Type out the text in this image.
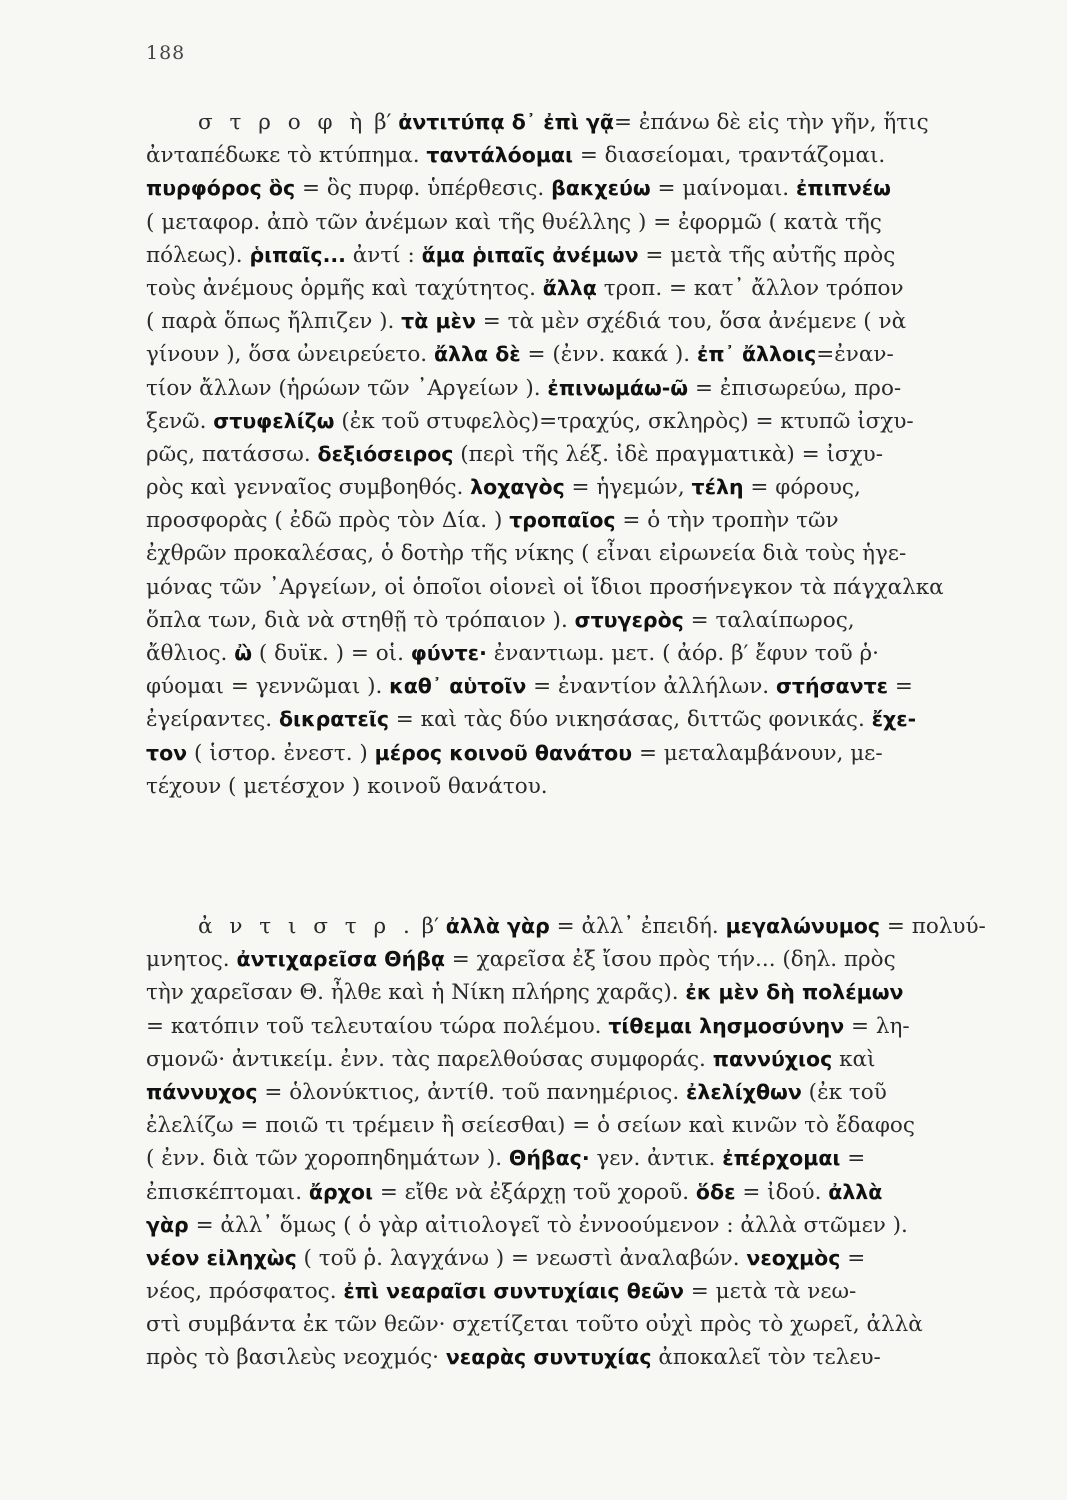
188
σ τ ρ ο φ ὴ β′ ἀντιτύπᾳ δ᾽ ἐπὶ γᾷ= ἐπάνω δὲ εἰς τὴν γῆν, ἥτις
ἀνταπέδωκε τὸ κτύπημα. ταντάλόομαι = διασείομαι, τραντάζομαι.
πυρφόρος ὃς = ὃς πυρφ. ὑπέρθεσις. βακχεύω = μαίνομαι. ἐπιπνέω
( μεταφορ. ἀπὸ τῶν ἀνέμων καὶ τῆς θυέλλης ) = ἐφορμῶ ( κατὰ τῆς
πόλεως). ῥιπαῖς... ἀντί : ἅμα ῥιπαῖς ἀνέμων = μετὰ τῆς αὐτῆς πρὸς
τοὺς ἀνέμους ὁρμῆς καὶ ταχύτητος. ἄλλᾳ τροπ. = κατ᾽ ἄλλον τρόπον
( παρὰ ὅπως ἤλπιζεν ). τὰ μὲν = τὰ μὲν σχέδιά του, ὅσα ἀνέμενε ( νὰ
γίνουν ), ὅσα ὠνειρεύετο. ἄλλα δὲ = (ἐνν. κακά ). ἐπ᾽ ἄλλοις=ἐναν-
τίον ἄλλων (ἡρώων τῶν ᾽Αργείων ). ἐπινωμάω-ῶ = ἐπισωρεύω, προ-
ξενῶ. στυφελίζω (ἐκ τοῦ στυφελὸς)=τραχύς, σκληρὸς) = κτυπῶ ἰσχυ-
ρῶς, πατάσσω. δεξιόσειρος (περὶ τῆς λέξ. ἰδὲ πραγματικὰ) = ἰσχυ-
ρὸς καὶ γενναῖος συμβοηθός. λοχαγὸς = ἡγεμών, τέλη = φόρους,
προσφορὰς ( ἐδῶ πρὸς τὸν Δία. ) τροπαῖος = ὁ τὴν τροπὴν τῶν
ἐχθρῶν προκαλέσας, ὁ δοτὴρ τῆς νίκης ( εἶναι εἰρωνεία διὰ τοὺς ἡγε-
μόνας τῶν ᾽Αργείων, οἱ ὁποῖοι οἱονεὶ οἱ ἴδιοι προσήνεγκον τὰ πάγχαλκα
ὅπλα των, διὰ νὰ στηθῇ τὸ τρόπαιον ). στυγερὸς = ταλαίπωρος,
ἄθλιος. ὢ ( δυϊκ. ) = οἱ. φύντε· ἐναντιωμ. μετ. ( ἀόρ. β′ ἔφυν τοῦ ῥ·
φύομαι = γεννῶμαι ). καθ᾽ αὑτοῖν = ἐναντίον ἀλλήλων. στήσαντε =
ἐγείραντες. δικρατεῖς = καὶ τὰς δύο νικησάσας, διττῶς φονικάς. ἔχε-
τον ( ἱστορ. ἐνεστ. ) μέρος κοινοῦ θανάτου = μεταλαμβάνουν, με-
τέχουν ( μετέσχον ) κοινοῦ θανάτου.
ἀ ν τ ι σ τ ρ . β′ ἀλλὰ γὰρ = ἀλλ᾽ ἐπειδή. μεγαλώνυμος = πολυύ-
μνητος. ἀντιχαρεῖσα Θήβᾳ = χαρεῖσα ἐξ ἴσου πρὸς τήν... (δηλ. πρὸς
τὴν χαρεῖσαν Θ. ἦλθε καὶ ἡ Νίκη πλήρης χαρᾶς). ἐκ μὲν δὴ πολέμων
= κατόπιν τοῦ τελευταίου τώρα πολέμου. τίθεμαι λησμοσύνην = λη-
σμονῶ· ἀντικείμ. ἐνν. τὰς παρελθούσας συμφοράς. παννύχιος καὶ
πάννυχος = ὁλονύκτιος, ἀντίθ. τοῦ πανημέριος. ἐλελίχθων (ἐκ τοῦ
ἐλελίζω = ποιῶ τι τρέμειν ἢ σείεσθαι) = ὁ σείων καὶ κινῶν τὸ ἔδαφος
( ἐνν. διὰ τῶν χοροπηδημάτων ). Θήβας· γεν. ἀντικ. ἐπέρχομαι =
ἐπισκέπτομαι. ἄρχοι = εἴθε νὰ ἐξάρχῃ τοῦ χοροῦ. ὅδε = ἰδού. ἀλλὰ
γὰρ = ἀλλ᾽ ὅμως ( ὁ γὰρ αἰτιολογεῖ τὸ ἐννοούμενον : ἀλλὰ στῶμεν ).
νέον εἰληχὼς ( τοῦ ῥ. λαγχάνω ) = νεωστὶ ἀναλαβών. νεοχμὸς =
νέος, πρόσφατος. ἐπὶ νεαραῖσι συντυχίαις θεῶν = μετὰ τὰ νεω-
στὶ συμβάντα ἐκ τῶν θεῶν· σχετίζεται τοῦτο οὐχὶ πρὸς τὸ χωρεῖ, ἀλλὰ
πρὸς τὸ βασιλεὺς νεοχμός· νεαρὰς συντυχίας ἀποκαλεῖ τὸν τελευ-
